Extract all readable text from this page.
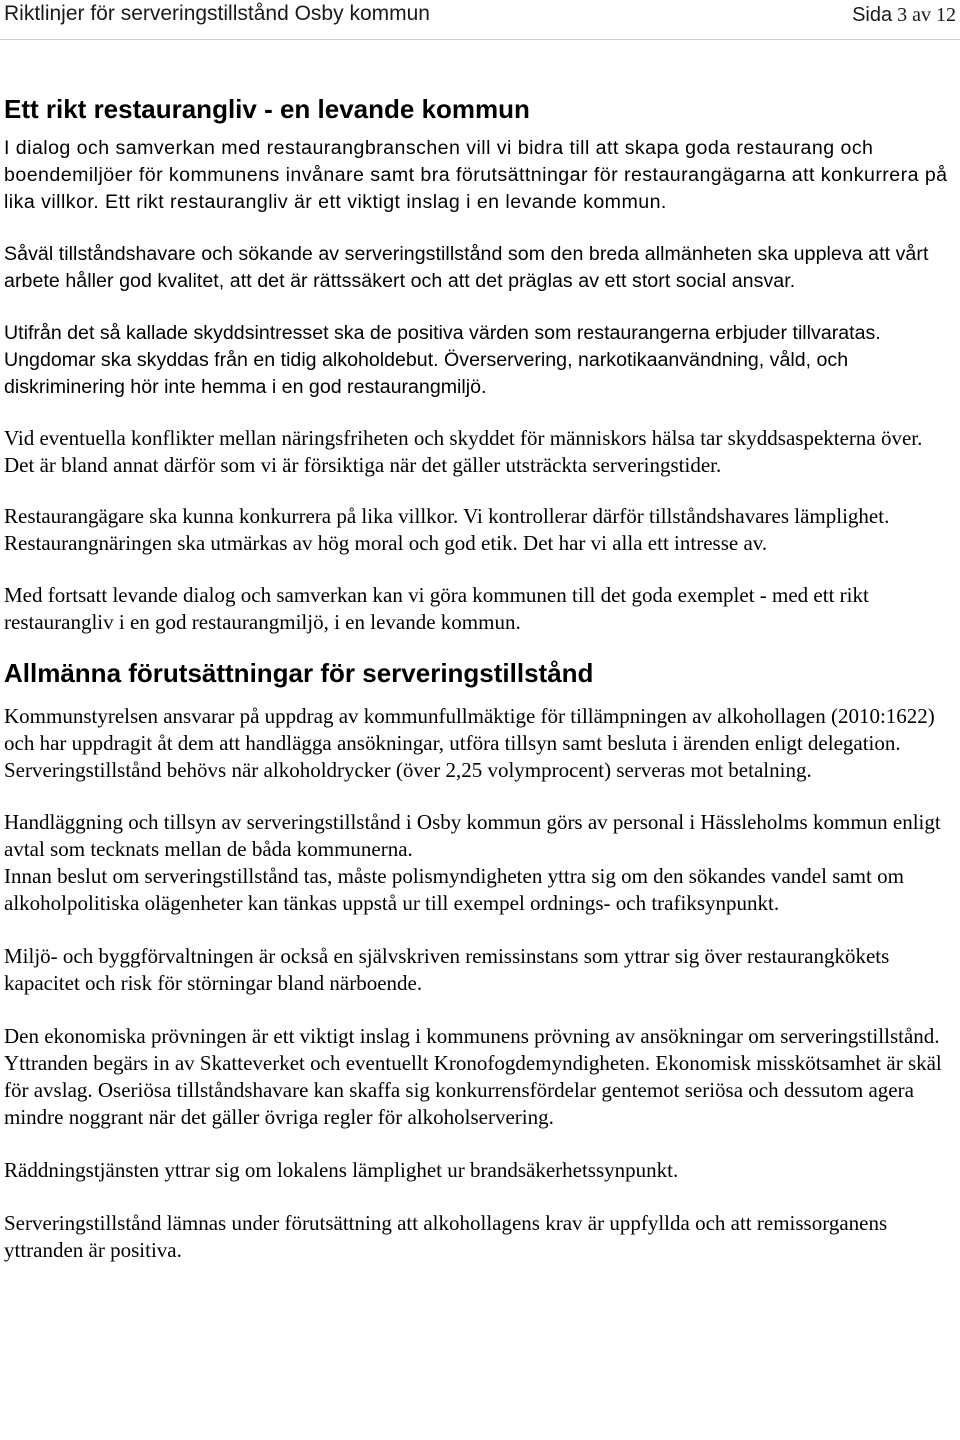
Riktlinjer för serveringstillstånd Osby kommun	Sida 3 av 12
Ett rikt restaurangliv - en levande kommun

I dialog och samverkan med restaurangbranschen vill vi bidra till att skapa goda restaurang och boendemiljöer för kommunens invånare samt bra förutsättningar för restaurangägarna att konkurrera på lika villkor. Ett rikt restaurangliv är ett viktigt inslag i en levande kommun.

Såväl tillståndshavare och sökande av serveringstillstånd som den breda allmänheten ska uppleva att vårt arbete håller god kvalitet, att det är rättssäkert och att det präglas av ett stort social ansvar.

Utifrån det så kallade skyddsintresset ska de positiva värden som restaurangerna erbjuder tillvaratas. Ungdomar ska skyddas från en tidig alkoholdebut. Överservering, narkotikaanvändning, våld, och diskriminering hör inte hemma i en god restaurangmiljö.

Vid eventuella konflikter mellan näringsfriheten och skyddet för människors hälsa tar skyddsaspekterna över. Det är bland annat därför som vi är försiktiga när det gäller utsträckta serveringstider.

Restaurangägare ska kunna konkurrera på lika villkor. Vi kontrollerar därför tillståndshavares lämplighet. Restaurangnäringen ska utmärkas av hög moral och god etik. Det har vi alla ett intresse av.

Med fortsatt levande dialog och samverkan kan vi göra kommunen till det goda exemplet - med ett rikt restaurangliv i en god restaurangmiljö, i en levande kommun.

Allmänna förutsättningar för serveringstillstånd

Kommunstyrelsen ansvarar på uppdrag av kommunfullmäktige för tillämpningen av alkohollagen (2010:1622) och har uppdragit åt dem att handlägga ansökningar, utföra tillsyn samt besluta i ärenden enligt delegation. Serveringstillstånd behövs när alkoholdrycker (över 2,25 volymprocent) serveras mot betalning.

Handläggning och tillsyn av serveringstillstånd i Osby kommun görs av personal i Hässleholms kommun enligt avtal som tecknats mellan de båda kommunerna.

Innan beslut om serveringstillstånd tas, måste polismyndigheten yttra sig om den sökandes vandel samt om alkoholpolitiska olägenheter kan tänkas uppstå ur till exempel ordnings- och trafiksynpunkt.

Miljö- och byggförvaltningen är också en självskriven remissinstans som yttrar sig över restaurangkökets kapacitet och risk för störningar bland närboende.

Den ekonomiska prövningen är ett viktigt inslag i kommunens prövning av ansökningar om serveringstillstånd. Yttranden begärs in av Skatteverket och eventuellt Kronofogdemyndigheten. Ekonomisk misskötsamhet är skäl för avslag. Oseriösa tillståndshavare kan skaffa sig konkurrensfördelar gentemot seriösa och dessutom agera mindre noggrant när det gäller övriga regler för alkoholservering.

Räddningstjänsten yttrar sig om lokalens lämplighet ur brandsäkerhetssynpunkt.

Serveringstillstånd lämnas under förutsättning att alkohollagens krav är uppfyllda och att remissorganens yttranden är positiva.
